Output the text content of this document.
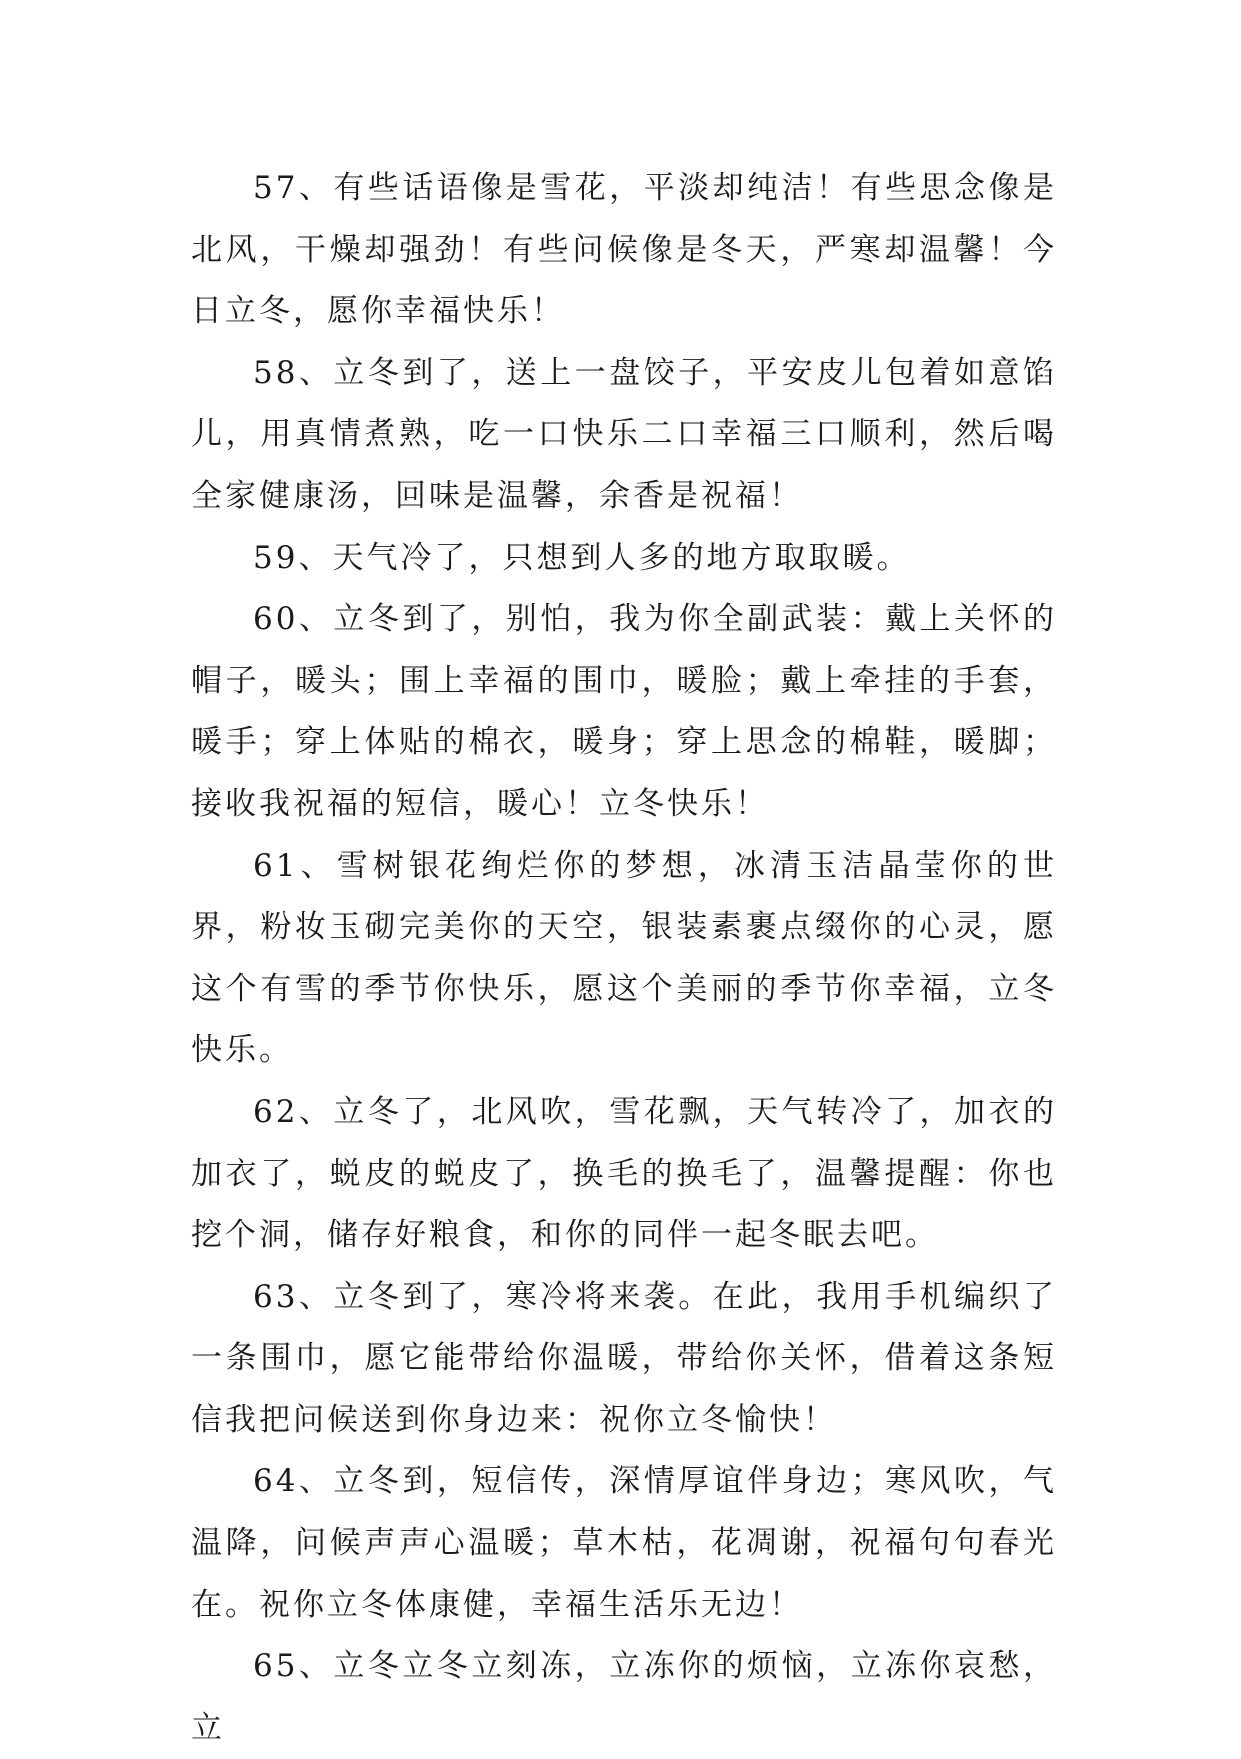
57、有些话语像是雪花，平淡却纯洁！有些思念像是北风，干燥却强劲！有些问候像是冬天，严寒却温馨！今日立冬，愿你幸福快乐！

58、立冬到了，送上一盘饺子，平安皮儿包着如意馅儿，用真情煮熟，吃一口快乐二口幸福三口顺利，然后喝全家健康汤，回味是温馨，余香是祝福！

59、天气冷了，只想到人多的地方取取暖。

60、立冬到了，别怕，我为你全副武装：戴上关怀的帽子，暖头；围上幸福的围巾，暖脸；戴上牵挂的手套，暖手；穿上体贴的棉衣，暖身；穿上思念的棉鞋，暖脚；接收我祝福的短信，暖心！立冬快乐！

61、雪树银花绚烂你的梦想，冰清玉洁晶莹你的世界，粉妆玉砌完美你的天空，银装素裹点缀你的心灵，愿这个有雪的季节你快乐，愿这个美丽的季节你幸福，立冬快乐。

62、立冬了，北风吹，雪花飘，天气转冷了，加衣的加衣了，蜕皮的蜕皮了，换毛的换毛了，温馨提醒：你也挖个洞，储存好粮食，和你的同伴一起冬眠去吧。

63、立冬到了，寒冷将来袭。在此，我用手机编织了一条围巾，愿它能带给你温暖，带给你关怀，借着这条短信我把问候送到你身边来：祝你立冬愉快！

64、立冬到，短信传，深情厚谊伴身边；寒风吹，气温降，问候声声心温暖；草木枯，花凋谢，祝福句句春光在。祝你立冬体康健，幸福生活乐无边！

65、立冬立冬立刻冻，立冻你的烦恼，立冻你哀愁，立
